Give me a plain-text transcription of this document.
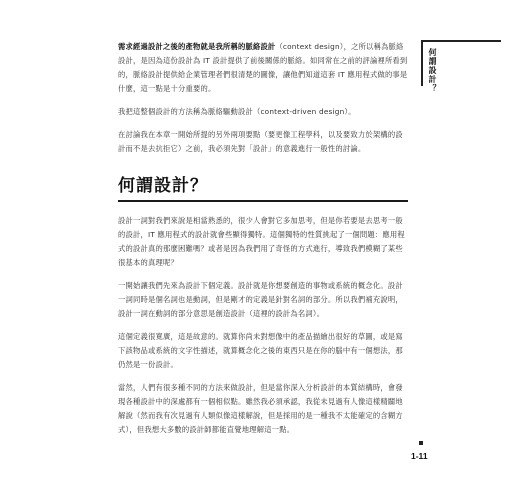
需求經過設計之後的產物就是我所稱的脈絡設計（context design），之所以稱為脈絡設計，是因為這份設計為 IT 設計提供了前後關係的脈絡。如同常在之前的評論裡所看到的，脈絡設計提供給企業管理者們很清楚的圖像，讓他們知道這套 IT 應用程式做的事是什麼，這一點是十分重要的。

我把這整個設計的方法稱為脈絡驅動設計（context-driven design）。

在討論我在本章一開始所提的另外兩項要點（要更像工程學科，以及要致力於架構的設計而不是去抗拒它）之前，我必須先對「設計」的意義進行一般性的討論。

何謂設計？

設計一詞對我們來說是相當熟悉的，很少人會對它多加思考，但是你若要是去思考一般的設計，IT 應用程式的設計就會些顯得獨特。這個獨特的性質挑起了一個問題：應用程式的設計真的那麼困難嗎？或者是因為我們用了奇怪的方式進行，導致我們模糊了某些很基本的真理呢？

一開始讓我們先來為設計下個定義。設計就是你想要創造的事物或系統的概念化。設計一詞同時是個名詞也是動詞，但是剛才的定義是針對名詞的部分。所以我們補充說明，設計一詞在動詞的部分意思是創造設計（這裡的設計為名詞）。

這個定義很寬廣，這是故意的。就算你尚未對想像中的產品描繪出很好的草圖，或是寫下該物品或系統的文字性描述，就算概念化之後的東西只是在你的腦中有一個想法，那仍然是一份設計。

當然，人們有很多種不同的方法來做設計，但是當你深入分析設計的本質結構時，會發現各種設計中的深處都有一個相似點。雖然我必須承認，我從未見過有人像這樣精闢地解說（然而我有次見過有人類似像這樣解說，但是採用的是一種我不太能確定的含糊方式），但我想大多數的設計師都能直覺地理解這一點。

何謂設計？
1-11
